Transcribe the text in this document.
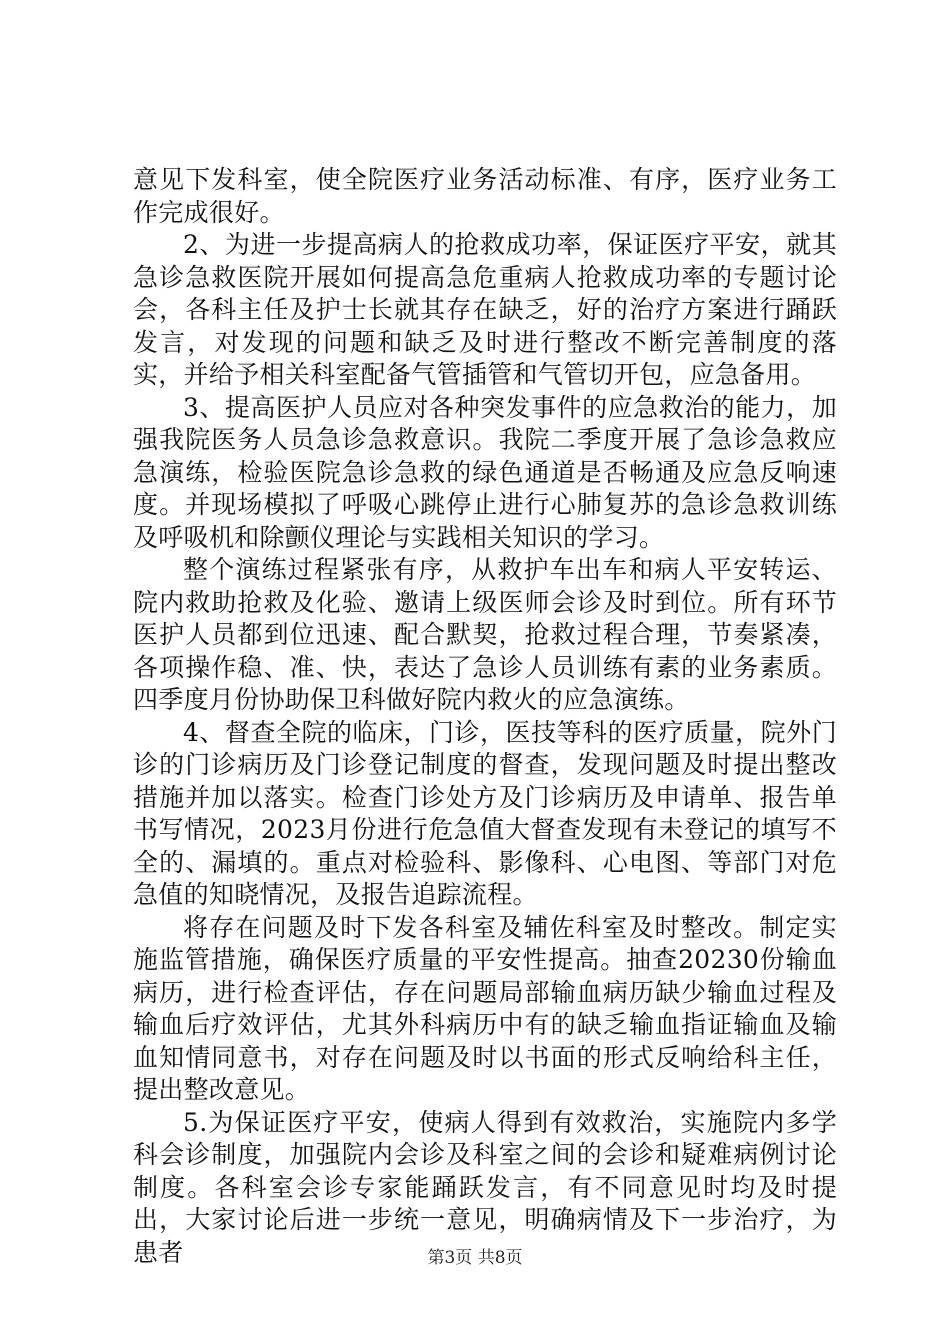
意见下发科室，使全院医疗业务活动标准、有序，医疗业务工作完成很好。

2、为进一步提高病人的抢救成功率，保证医疗平安，就其急诊急救医院开展如何提高急危重病人抢救成功率的专题讨论会，各科主任及护士长就其存在缺乏，好的治疗方案进行踊跃发言，对发现的问题和缺乏及时进行整改不断完善制度的落实，并给予相关科室配备气管插管和气管切开包，应急备用。

3、提高医护人员应对各种突发事件的应急救治的能力，加强我院医务人员急诊急救意识。我院二季度开展了急诊急救应急演练，检验医院急诊急救的绿色通道是否畅通及应急反响速度。并现场模拟了呼吸心跳停止进行心肺复苏的急诊急救训练及呼吸机和除颤仪理论与实践相关知识的学习。

整个演练过程紧张有序，从救护车出车和病人平安转运、院内救助抢救及化验、邀请上级医师会诊及时到位。所有环节医护人员都到位迅速、配合默契，抢救过程合理，节奏紧凑，各项操作稳、准、快，表达了急诊人员训练有素的业务素质。四季度月份协助保卫科做好院内救火的应急演练。

4、督查全院的临床，门诊，医技等科的医疗质量，院外门诊的门诊病历及门诊登记制度的督查，发现问题及时提出整改措施并加以落实。检查门诊处方及门诊病历及申请单、报告单书写情况，2023月份进行危急值大督查发现有未登记的填写不全的、漏填的。重点对检验科、影像科、心电图、等部门对危急值的知晓情况，及报告追踪流程。

将存在问题及时下发各科室及辅佐科室及时整改。制定实施监管措施，确保医疗质量的平安性提高。抽查20230份输血病历，进行检查评估，存在问题局部输血病历缺少输血过程及输血后疗效评估，尤其外科病历中有的缺乏输血指证输血及输血知情同意书，对存在问题及时以书面的形式反响给科主任，提出整改意见。

5.为保证医疗平安，使病人得到有效救治，实施院内多学科会诊制度，加强院内会诊及科室之间的会诊和疑难病例讨论制度。各科室会诊专家能踊跃发言，有不同意见时均及时提出，大家讨论后进一步统一意见，明确病情及下一步治疗，为患者	第3页 共8页
